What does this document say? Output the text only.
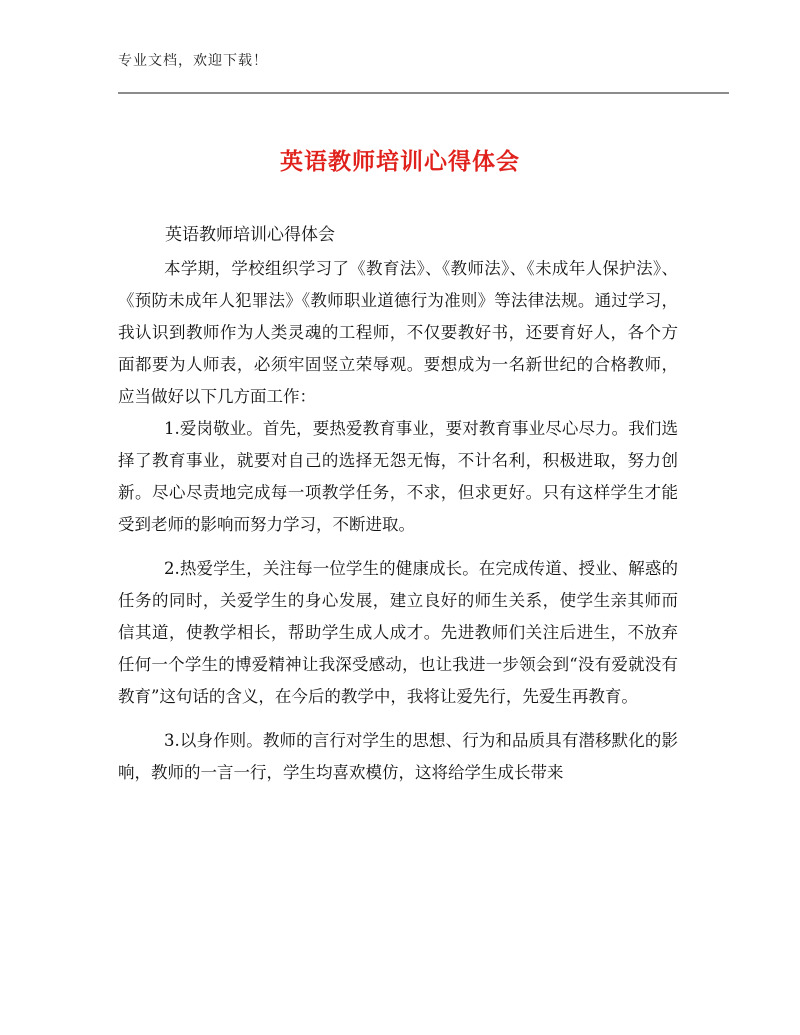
专业文档，欢迎下载！
英语教师培训心得体会
英语教师培训心得体会

本学期，学校组织学习了《教育法》、《教师法》、《未成年人保护法》、《预防未成年人犯罪法》《教师职业道德行为准则》等法律法规。通过学习，我认识到教师作为人类灵魂的工程师，不仅要教好书，还要育好人，各个方面都要为人师表，必须牢固竖立荣辱观。要想成为一名新世纪的合格教师，应当做好以下几方面工作：

1.爱岗敬业。首先，要热爱教育事业，要对教育事业尽心尽力。我们选择了教育事业，就要对自己的选择无怨无悔，不计名利，积极进取，努力创新。尽心尽责地完成每一项教学任务，不求，但求更好。只有这样学生才能受到老师的影响而努力学习，不断进取。

2.热爱学生，关注每一位学生的健康成长。在完成传道、授业、解惑的任务的同时，关爱学生的身心发展，建立良好的师生关系，使学生亲其师而信其道，使教学相长，帮助学生成人成才。先进教师们关注后进生，不放弃任何一个学生的博爱精神让我深受感动，也让我进一步领会到“没有爱就没有教育”这句话的含义，在今后的教学中，我将让爱先行，先爱生再教育。

3.以身作则。教师的言行对学生的思想、行为和品质具有潜移默化的影响，教师的一言一行，学生均喜欢模仿，这将给学生成长带来
